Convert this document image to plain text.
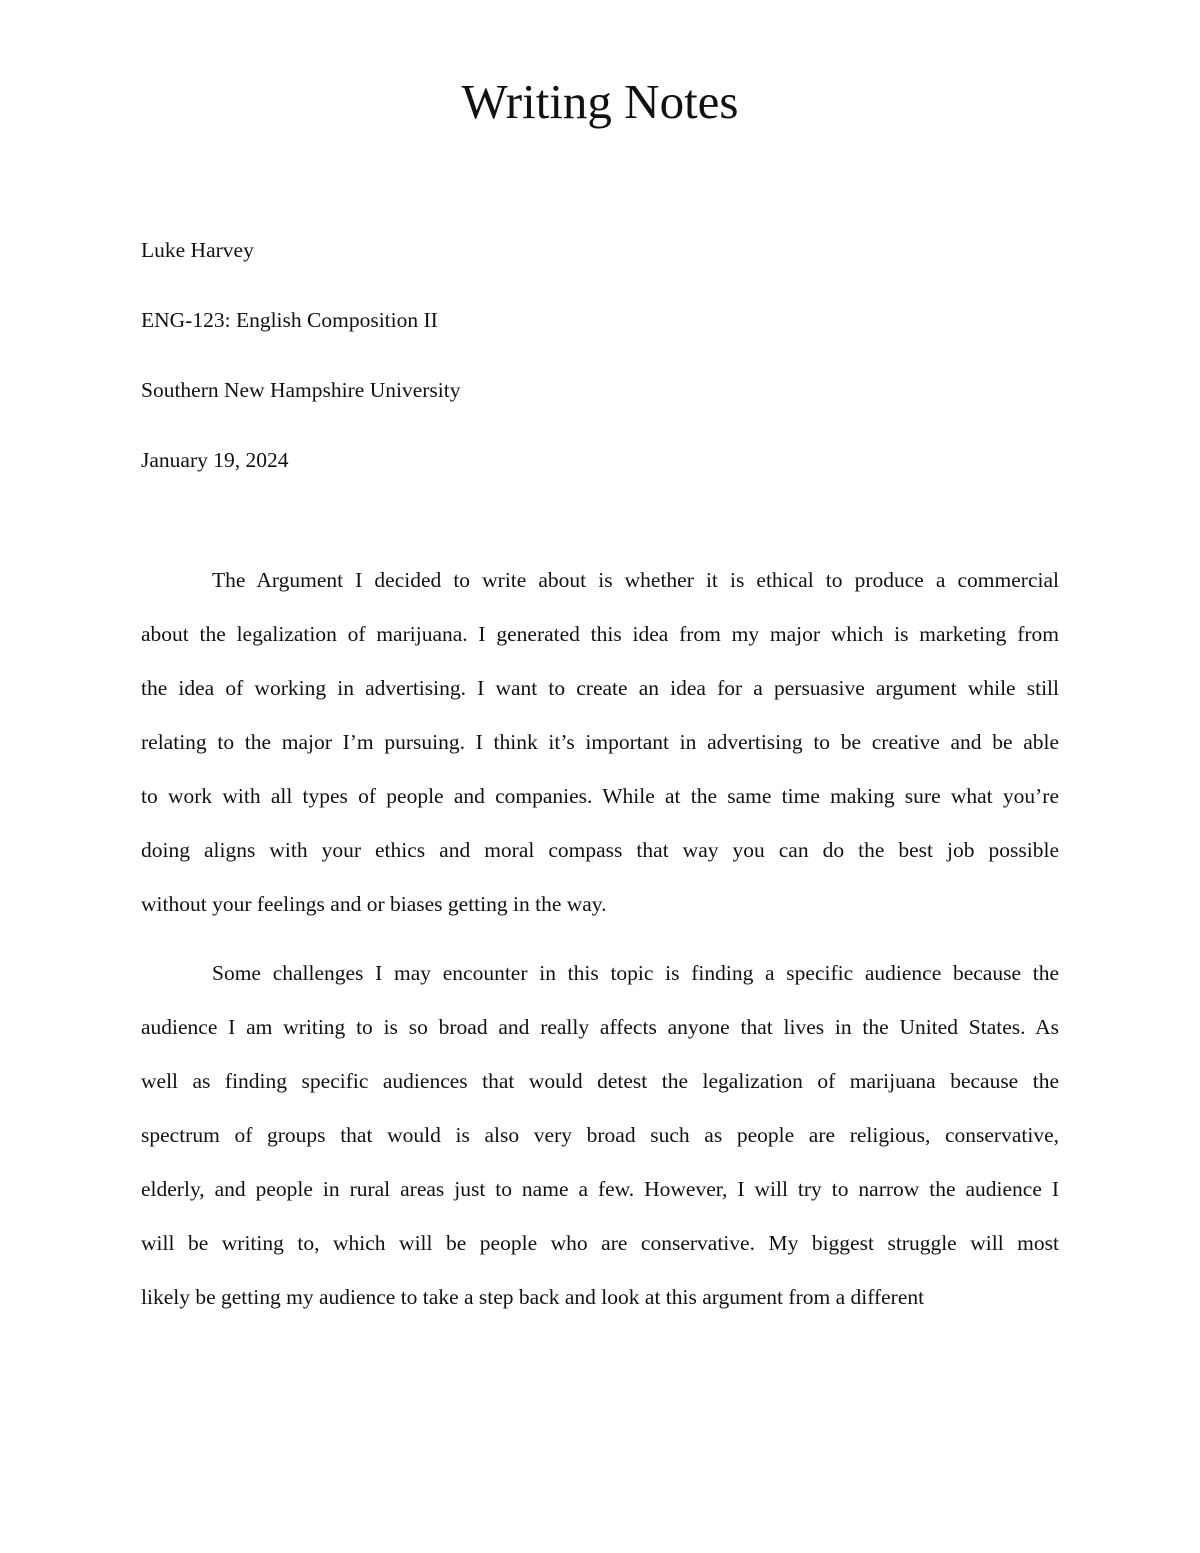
Writing Notes
Luke Harvey
ENG-123: English Composition II
Southern New Hampshire University
January 19, 2024
The Argument I decided to write about is whether it is ethical to produce a commercial
about the legalization of marijuana. I generated this idea from my major which is marketing from
the idea of working in advertising. I want to create an idea for a persuasive argument while still
relating to the major I’m pursuing. I think it’s important in advertising to be creative and be able
to work with all types of people and companies. While at the same time making sure what you’re
doing aligns with your ethics and moral compass that way you can do the best job possible
without your feelings and or biases getting in the way.
Some challenges I may encounter in this topic is finding a specific audience because the
audience I am writing to is so broad and really affects anyone that lives in the United States. As
well as finding specific audiences that would detest the legalization of marijuana because the
spectrum of groups that would is also very broad such as people are religious, conservative,
elderly, and people in rural areas just to name a few. However, I will try to narrow the audience I
will be writing to, which will be people who are conservative. My biggest struggle will most
likely be getting my audience to take a step back and look at this argument from a different
